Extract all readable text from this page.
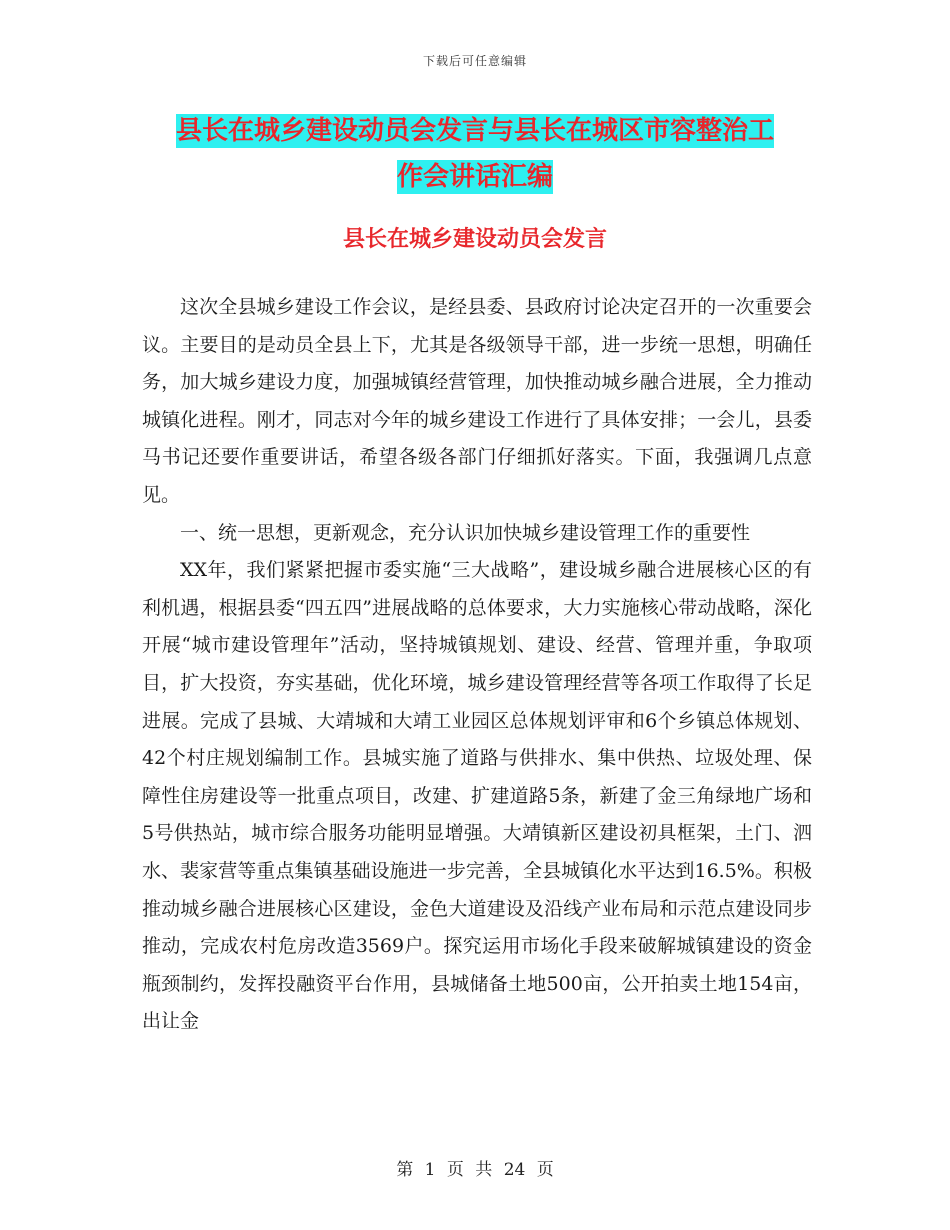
下载后可任意编辑
县长在城乡建设动员会发言与县长在城区市容整治工
作会讲话汇编
县长在城乡建设动员会发言

这次全县城乡建设工作会议，是经县委、县政府讨论决定召开的一次重要会议。主要目的是动员全县上下，尤其是各级领导干部，进一步统一思想，明确任务，加大城乡建设力度，加强城镇经营管理，加快推动城乡融合进展，全力推动城镇化进程。刚才，同志对今年的城乡建设工作进行了具体安排；一会儿，县委马书记还要作重要讲话，希望各级各部门仔细抓好落实。下面，我强调几点意见。

一、统一思想，更新观念，充分认识加快城乡建设管理工作的重要性

XX年，我们紧紧把握市委实施“三大战略”，建设城乡融合进展核心区的有利机遇，根据县委“四五四”进展战略的总体要求，大力实施核心带动战略，深化开展“城市建设管理年”活动，坚持城镇规划、建设、经营、管理并重，争取项目，扩大投资，夯实基础，优化环境，城乡建设管理经营等各项工作取得了长足进展。完成了县城、大靖城和大靖工业园区总体规划评审和6个乡镇总体规划、42个村庄规划编制工作。县城实施了道路与供排水、集中供热、垃圾处理、保障性住房建设等一批重点项目，改建、扩建道路5条，新建了金三角绿地广场和5号供热站，城市综合服务功能明显增强。大靖镇新区建设初具框架，土门、泗水、裴家营等重点集镇基础设施进一步完善，全县城镇化水平达到16.5%。积极推动城乡融合进展核心区建设，金色大道建设及沿线产业布局和示范点建设同步推动，完成农村危房改造3569户。探究运用市场化手段来破解城镇建设的资金瓶颈制约，发挥投融资平台作用，县城储备土地500亩，公开拍卖土地154亩，出让金

第 1 页 共 24 页
